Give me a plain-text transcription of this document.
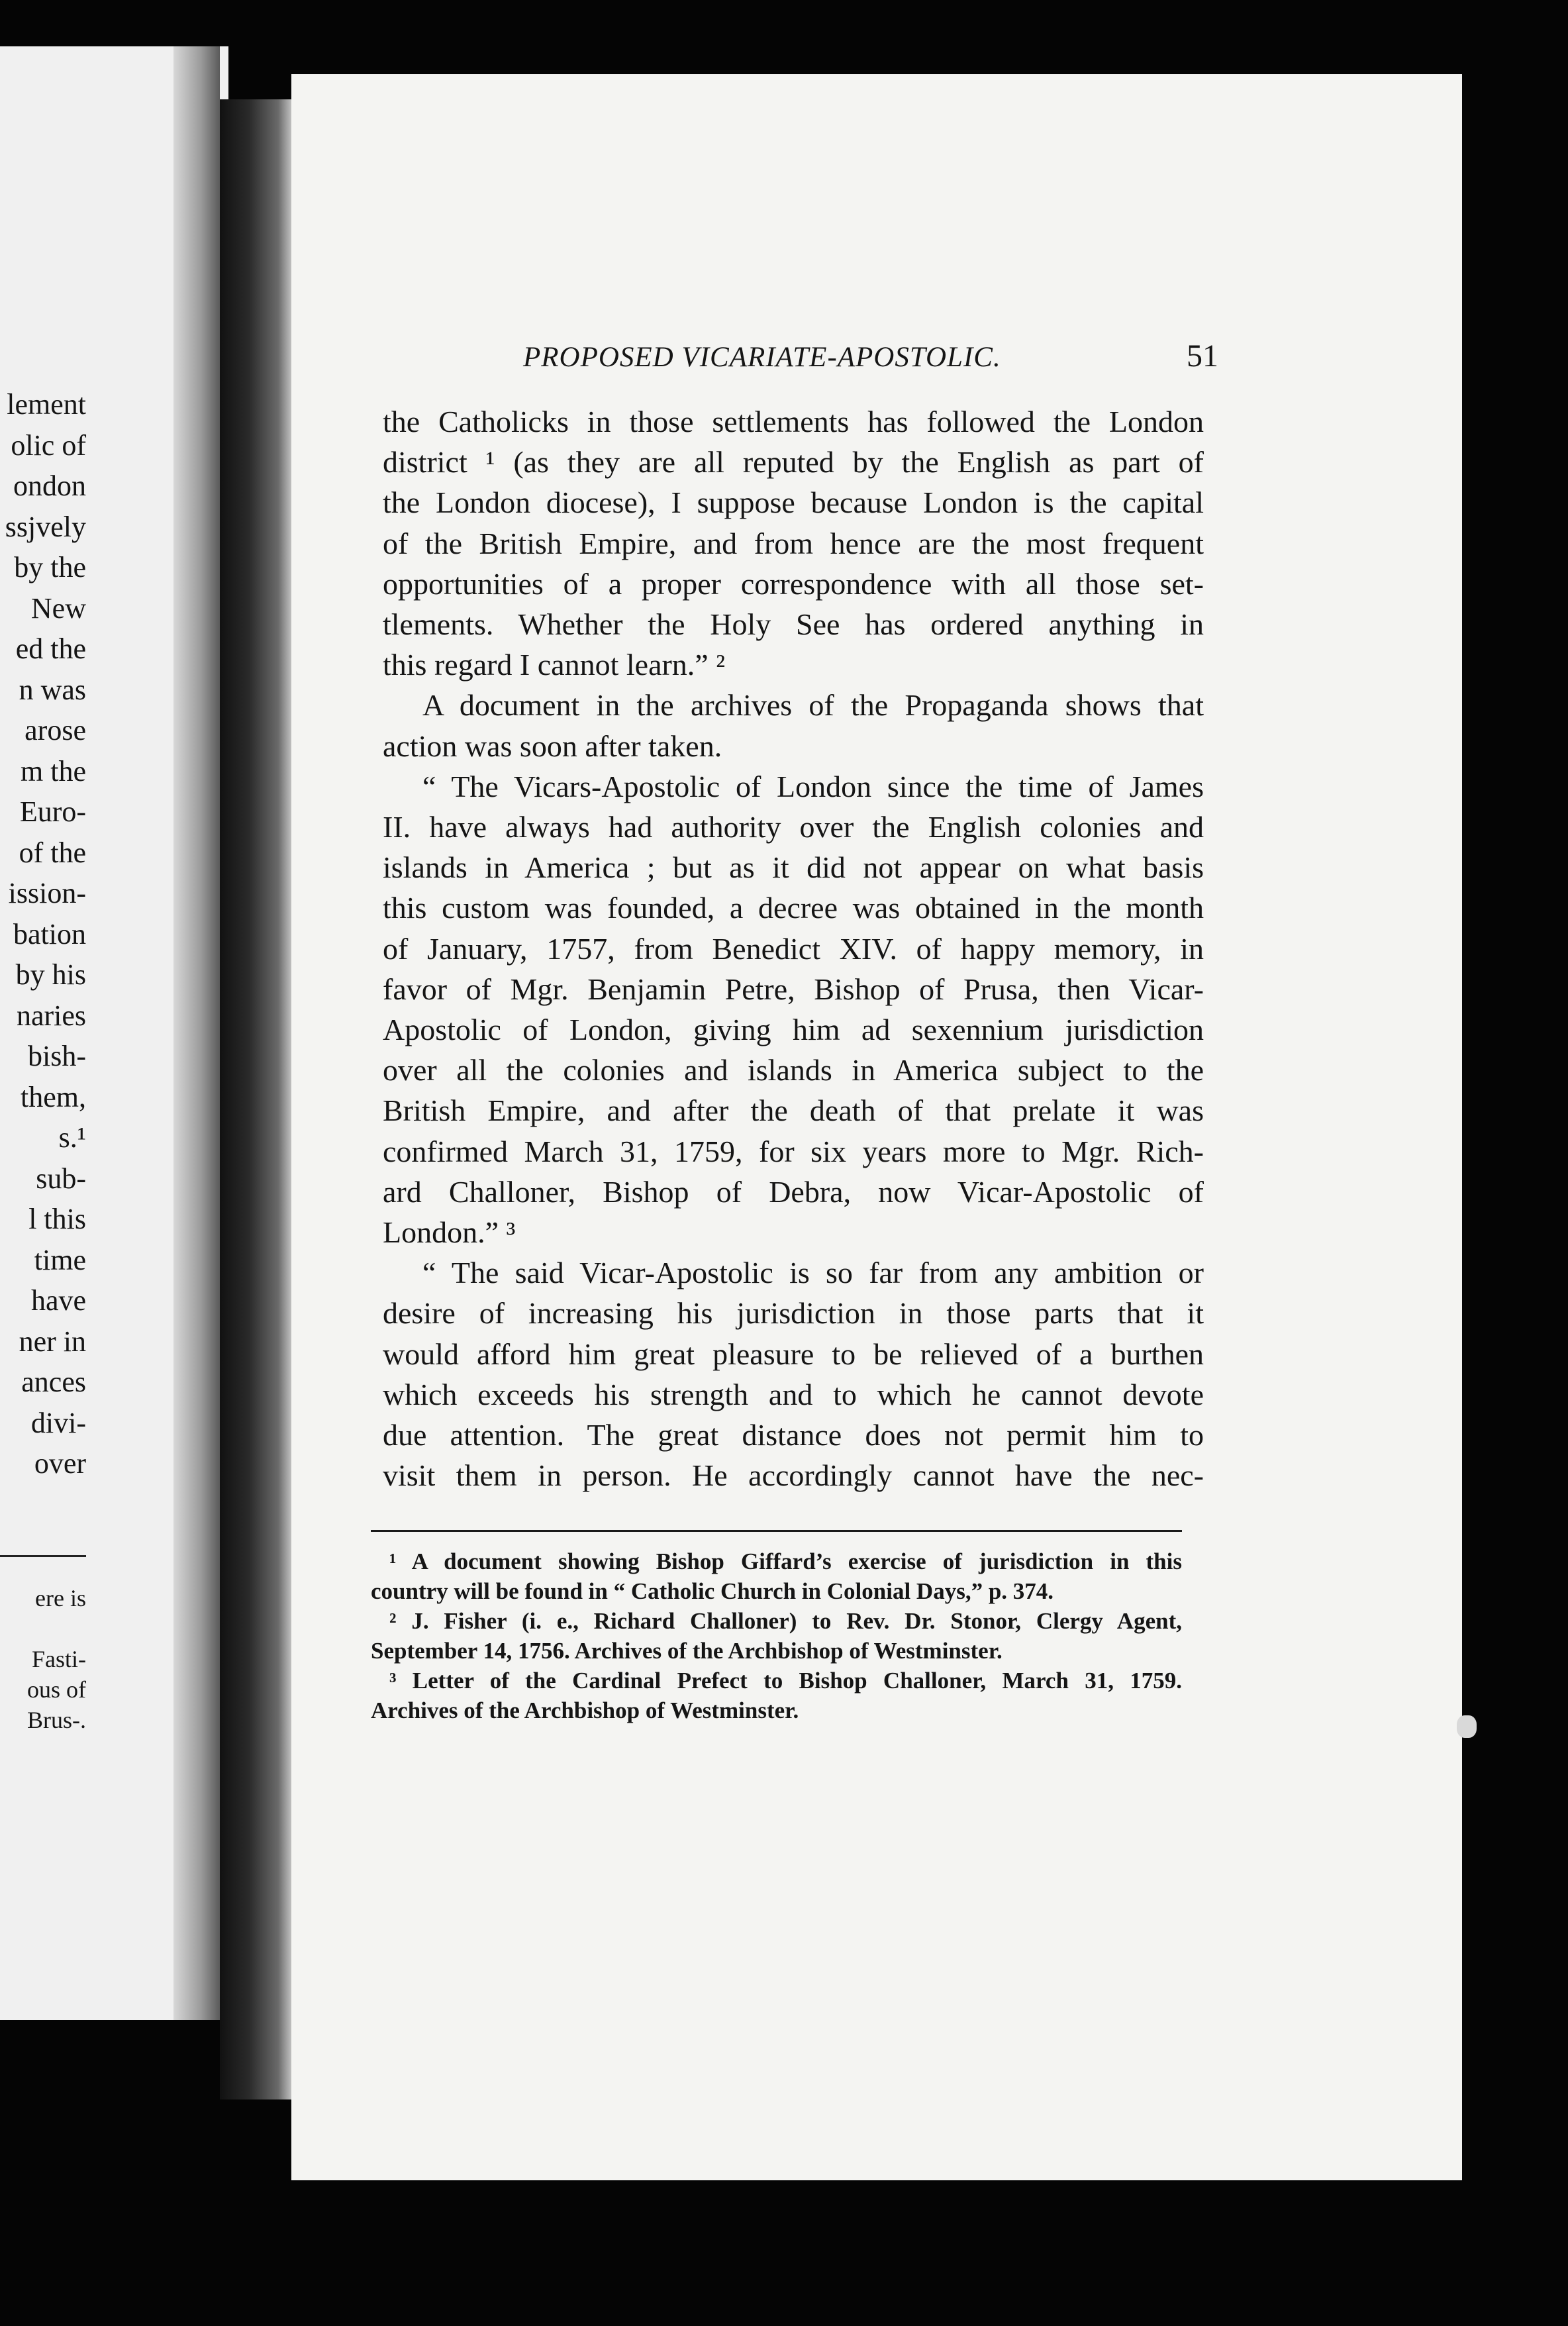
lement
olic of
ondon
ssjvely
by the
New
ed the
n was
arose
m the
Euro-
of the
ission-
bation
by his
naries
bish-
them,
s.¹
sub-
l this
time
have
ner in
ances
divi-
over
ere is

Fasti-
ous of
Brus-.
PROPOSED VICARIATE-APOSTOLIC.	51
the Catholicks in those settlements has followed the London
district ¹ (as they are all reputed by the English as part of
the London diocese), I suppose because London is the capital
of the British Empire, and from hence are the most frequent
opportunities of a proper correspondence with all those set-
tlements. Whether the Holy See has ordered anything in
this regard I cannot learn.” ²
A document in the archives of the Propaganda shows that
action was soon after taken.
“ The Vicars-Apostolic of London since the time of James
II. have always had authority over the English colonies and
islands in America ; but as it did not appear on what basis
this custom was founded, a decree was obtained in the month
of January, 1757, from Benedict XIV. of happy memory, in
favor of Mgr. Benjamin Petre, Bishop of Prusa, then Vicar-
Apostolic of London, giving him ad sexennium jurisdiction
over all the colonies and islands in America subject to the
British Empire, and after the death of that prelate it was
confirmed March 31, 1759, for six years more to Mgr. Rich-
ard Challoner, Bishop of Debra, now Vicar-Apostolic of
London.” ³
“ The said Vicar-Apostolic is so far from any ambition or
desire of increasing his jurisdiction in those parts that it
would afford him great pleasure to be relieved of a burthen
which exceeds his strength and to which he cannot devote
due attention. The great distance does not permit him to
visit them in person. He accordingly cannot have the nec-
¹ A document showing Bishop Giffard’s exercise of jurisdiction in this
country will be found in “ Catholic Church in Colonial Days,” p. 374.
² J. Fisher (i. e., Richard Challoner) to Rev. Dr. Stonor, Clergy Agent,
September 14, 1756. Archives of the Archbishop of Westminster.
³ Letter of the Cardinal Prefect to Bishop Challoner, March 31, 1759.
Archives of the Archbishop of Westminster.
